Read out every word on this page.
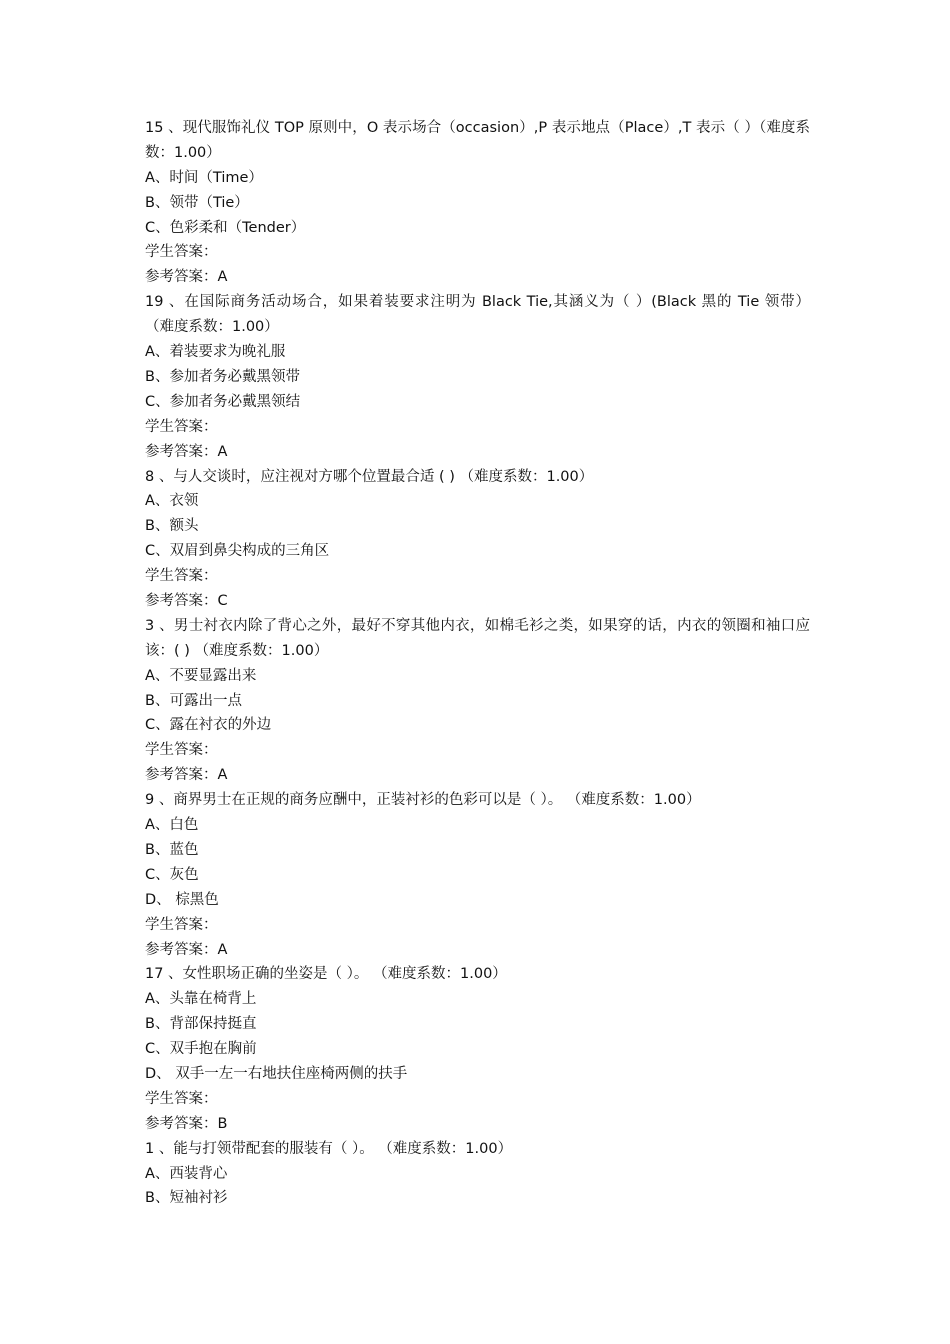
15 、现代服饰礼仪 TOP 原则中，O 表示场合（occasion）,P 表示地点（Place）,T 表示（ ）（难度系数：1.00）
A、时间（Time）
B、领带（Tie）
C、色彩柔和（Tender）
学生答案：
参考答案：A
19 、在国际商务活动场合，如果着装要求注明为 Black Tie,其涵义为（ ）(Black 黑的 Tie 领带） （难度系数：1.00）
A、着装要求为晚礼服
B、参加者务必戴黑领带
C、参加者务必戴黑领结
学生答案：
参考答案：A
8 、与人交谈时，应注视对方哪个位置最合适 ( ) （难度系数：1.00）
A、衣领
B、额头
C、双眉到鼻尖构成的三角区
学生答案：
参考答案：C
3 、男士衬衣内除了背心之外，最好不穿其他内衣，如棉毛衫之类，如果穿的话，内衣的领圈和袖口应该：( ) （难度系数：1.00）
A、不要显露出来
B、可露出一点
C、露在衬衣的外边
学生答案：
参考答案：A
9 、商界男士在正规的商务应酬中，正装衬衫的色彩可以是（ ）。 （难度系数：1.00）
A、白色
B、蓝色
C、灰色
D、 棕黑色
学生答案：
参考答案：A
17 、女性职场正确的坐姿是（ ）。 （难度系数：1.00）
A、头靠在椅背上
B、背部保持挺直
C、双手抱在胸前
D、 双手一左一右地扶住座椅两侧的扶手
学生答案：
参考答案：B
1 、能与打领带配套的服装有（ ）。 （难度系数：1.00）
A、西装背心
B、短袖衬衫
